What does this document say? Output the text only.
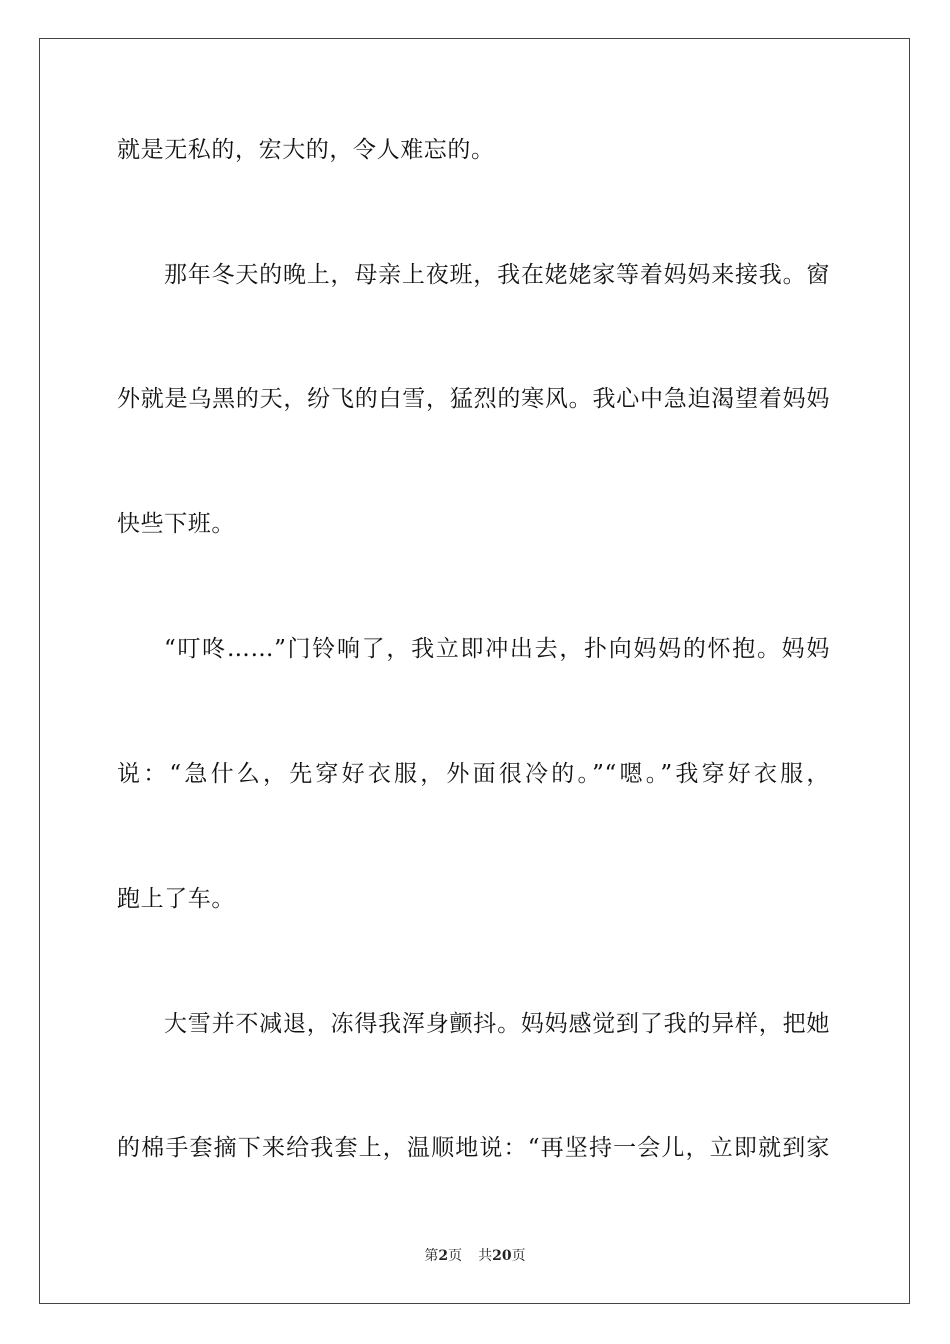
就是无私的，宏大的，令人难忘的。
那年冬天的晚上，母亲上夜班，我在姥姥家等着妈妈来接我。窗
外就是乌黑的天，纷飞的白雪，猛烈的寒风。我心中急迫渴望着妈妈
快些下班。
“叮咚……”门铃响了，我立即冲出去，扑向妈妈的怀抱。妈妈
说：“急什么，先穿好衣服，外面很冷的。”“嗯。”我穿好衣服，
跑上了车。
大雪并不减退，冻得我浑身颤抖。妈妈感觉到了我的异样，把她
的棉手套摘下来给我套上，温顺地说：“再坚持一会儿，立即就到家
第2页 共20页
